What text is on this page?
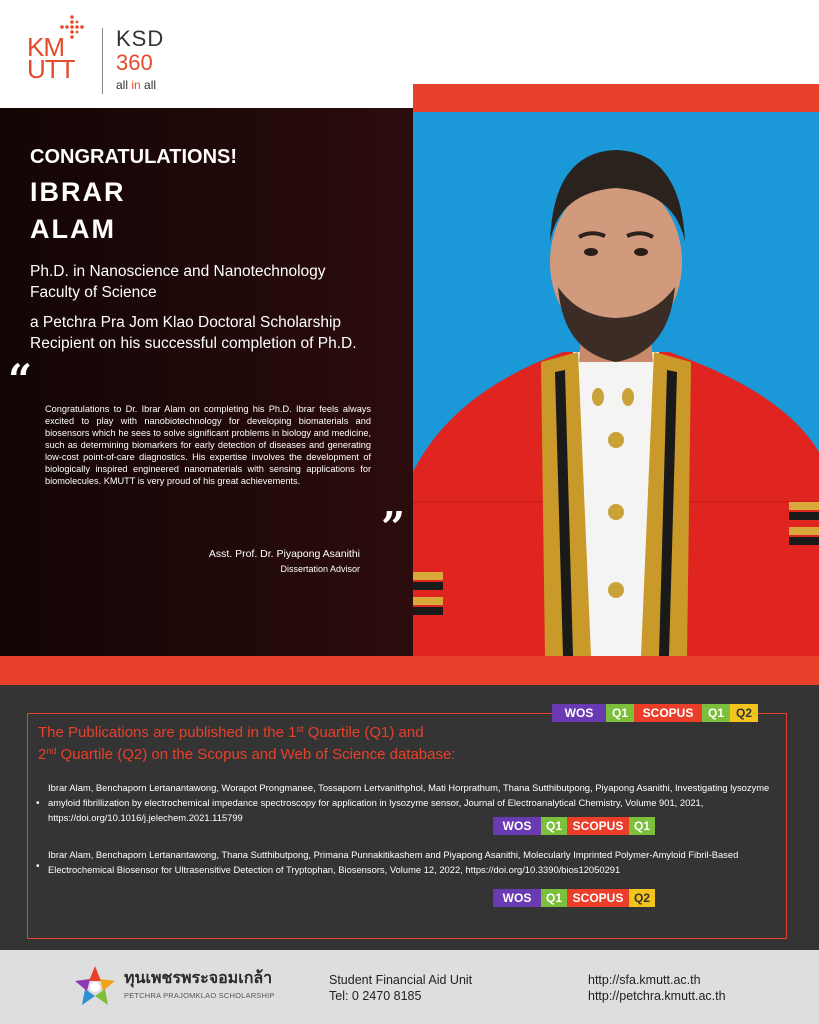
KM
UTT
KSD
360
all in all
CONGRATULATIONS!
IBRAR
ALAM
Ph.D. in Nanoscience and Nanotechnology
Faculty of Science
a Petchra Pra Jom Klao Doctoral Scholarship
Recipient on his successful completion of Ph.D.
“
Congratulations to Dr. Ibrar Alam on completing his Ph.D. Ibrar feels always excited to play with nanobiotechnology for developing biomaterials and biosensors which he sees to solve significant problems in biology and medicine, such as determining biomarkers for early detection of diseases and generating low-cost point-of-care diagnostics. His expertise involves the development of biologically inspired engineered nanomaterials with sensing applications for biomolecules. KMUTT is very proud of his great achievements.
”
Asst. Prof. Dr. Piyapong Asanithi
Dissertation Advisor
WOS	Q1	SCOPUS	Q1 Q2
The Publications are published in the 1st Quartile (Q1) and
2nd Quartile (Q2) on the Scopus and Web of Science database:
•
Ibrar Alam, Benchaporn Lertanantawong, Worapot Prongmanee, Tossaporn Lertvanithphol, Mati Horprathum, Thana Sutthibutpong, Piyapong Asanithi, Investigating lysozyme amyloid fibrillization by electrochemical impedance spectroscopy for application in lysozyme sensor, Journal of Electroanalytical Chemistry, Volume 901, 2021, https://doi.org/10.1016/j.jelechem.2021.115799
WOS	Q1 SCOPUS Q1
•
Ibrar Alam, Benchaporn Lertanantawong, Thana Sutthibutpong, Primana Punnakitikashem and Piyapong Asanithi, Molecularly Imprinted Polymer-Amyloid Fibril-Based Electrochemical Biosensor for Ultrasensitive Detection of Tryptophan, Biosensors, Volume 12, 2022, https://doi.org/10.3390/bios12050291
WOS	Q1 SCOPUS Q2
ทุนเพชรพระจอมเกล้า
PETCHRA PRAJOMKLAO SCHOLARSHIP
Student Financial Aid Unit
Tel: 0 2470 8185
http://sfa.kmutt.ac.th
http://petchra.kmutt.ac.th
